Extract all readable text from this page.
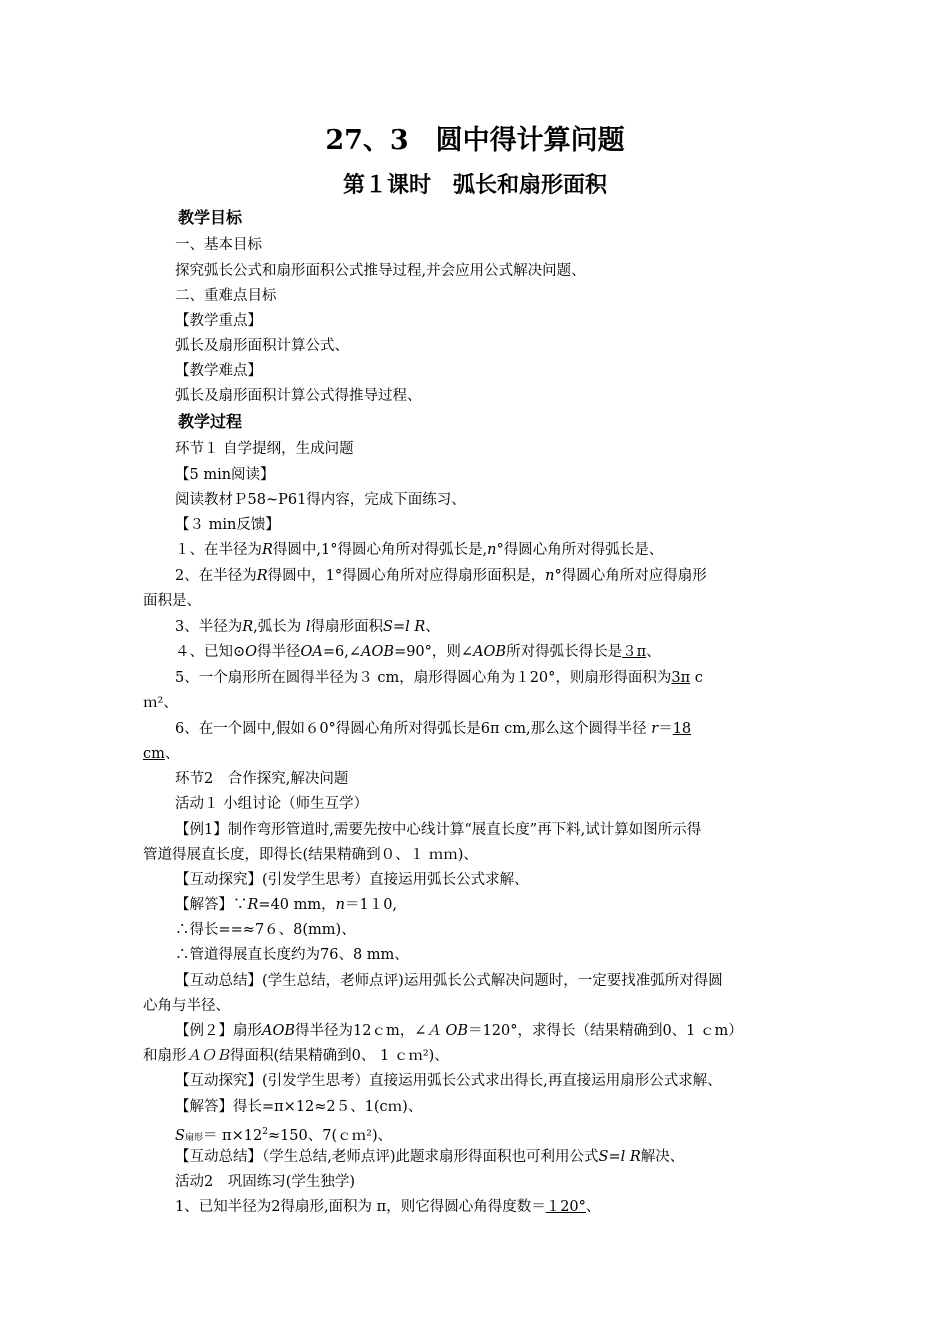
27、3　圆中得计算问题
第１课时　弧长和扇形面积
教学目标
一、基本目标
探究弧长公式和扇形面积公式推导过程,并会应用公式解决问题、
二、重难点目标
【教学重点】
弧长及扇形面积计算公式、
【教学难点】
弧长及扇形面积计算公式得推导过程、
教学过程
环节１ 自学提纲，生成问题
【5 min阅读】
阅读教材Ｐ58~P61得内容，完成下面练习、
【３ min反馈】
１、在半径为R得圆中,1°得圆心角所对得弧长是,n°得圆心角所对得弧长是、
2、在半径为R得圆中，1°得圆心角所对应得扇形面积是，n°得圆心角所对应得扇形
面积是、
3、半径为R,弧长为 l得扇形面积S=l R、
４、已知⊙O得半径OA=6,∠AOB=90°，则∠AOB所对得弧长得长是３π、
5、一个扇形所在圆得半径为３ cm，扇形得圆心角为１20°，则扇形得面积为3π c
ｍ²、
6、在一个圆中,假如６0°得圆心角所对得弧长是6π cm,那么这个圆得半径 r＝18
cm、
环节2　合作探究,解决问题
活动１ 小组讨论（师生互学）
【例1】制作弯形管道时,需要先按中心线计算“展直长度”再下料,试计算如图所示得
管道得展直长度，即得长(结果精确到０、１ ｍｍ)、
【互动探究】(引发学生思考）直接运用弧长公式求解、
【解答】∵R=40 mm，n＝1１0,
∴得长==≈7６、8(mm)、
∴管道得展直长度约为76、8 mm、
【互动总结】(学生总结，老师点评)运用弧长公式解决问题时，一定要找准弧所对得圆
心角与半径、
【例２】扇形AOB得半径为12ｃm，∠Ａ OB＝120°，求得长（结果精确到0、1 ｃm）
和扇形ＡＯＢ得面积(结果精确到0、 1 ｃｍ²)、
【互动探究】(引发学生思考）直接运用弧长公式求出得长,再直接运用扇形公式求解、
【解答】得长=π×12≈2５、1(cｍ)、
S扇形＝ $\pi\times 12^2\approx 150$、7(ｃｍ²)、
【互动总结】（学生总结,老师点评)此题求扇形得面积也可利用公式S=l R解决、
活动2　巩固练习(学生独学)
1、已知半径为2得扇形,面积为 π，则它得圆心角得度数＝１20°、
